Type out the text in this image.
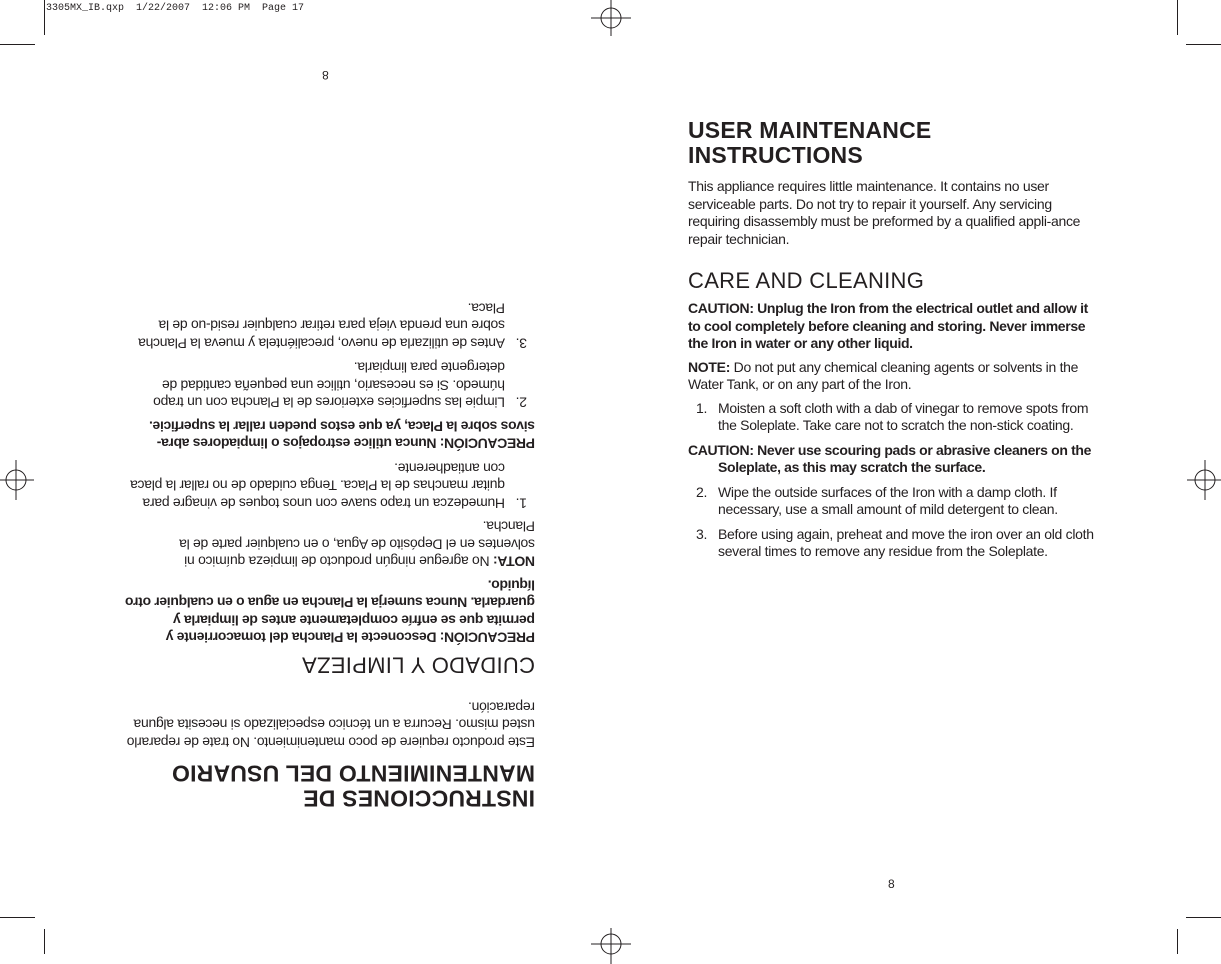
3305MX_IB.qxp  1/22/2007  12:06 PM  Page 17
USER MAINTENANCE
INSTRUCTIONS

This appliance requires little maintenance. It contains no user serviceable parts. Do not try to repair it yourself. Any servicing requiring disassembly must be preformed by a qualified appli-ance repair technician.

CARE AND CLEANING

CAUTION: Unplug the Iron from the electrical outlet and allow it to cool completely before cleaning and storing. Never immerse the Iron in water or any other liquid.

NOTE: Do not put any chemical cleaning agents or solvents in the Water Tank, or on any part of the Iron.

1. Moisten a soft cloth with a dab of vinegar to remove spots from the Soleplate. Take care not to scratch the non-stick coating.

CAUTION: Never use scouring pads or abrasive cleaners on the Soleplate, as this may scratch the surface.

2. Wipe the outside surfaces of the Iron with a damp cloth. If necessary, use a small amount of mild detergent to clean.
3. Before using again, preheat and move the iron over an old cloth several times to remove any residue from the Soleplate.
8
INSTRUCCIONES DE
MANTENIMIENTO DEL USUARIO

Este producto requiere de poco mantenimiento. No trate de repararlo usted mismo. Recurra a un técnico especializado si necesita alguna reparación.

CUIDADO Y LIMPIEZA

PRECAUCIÓN: Desconecte la Plancha del tomacorriente y permita que se enfríe completamente antes de limpiarla y guardarla. Nunca sumerja la Plancha en agua o en cualquier otro líquido.

NOTA: No agregue ningún producto de limpieza químico ni solventes en el Depósito de Agua, o en cualquier parte de la Plancha.

1.
Humedezca un trapo suave con unos toques de vinagre para quitar manchas de la Placa. Tenga cuidado de no rallar la placa con antiadherente.

PRECAUCIÓN: Nunca utilice estropajos o limpiadores abra-sivos sobre la Placa, ya que estos pueden rallar la superficie.

2.
Limpie las superficies exteriores de la Plancha con un trapo húmedo. Si es necesario, utilice una pequeña cantidad de detergente para limpiarla.
3.
Antes de utilizarla de nuevo, precaliéntela y mueva la Plancha sobre una prenda vieja para retirar cualquier resid-uo de la Placa.
8
